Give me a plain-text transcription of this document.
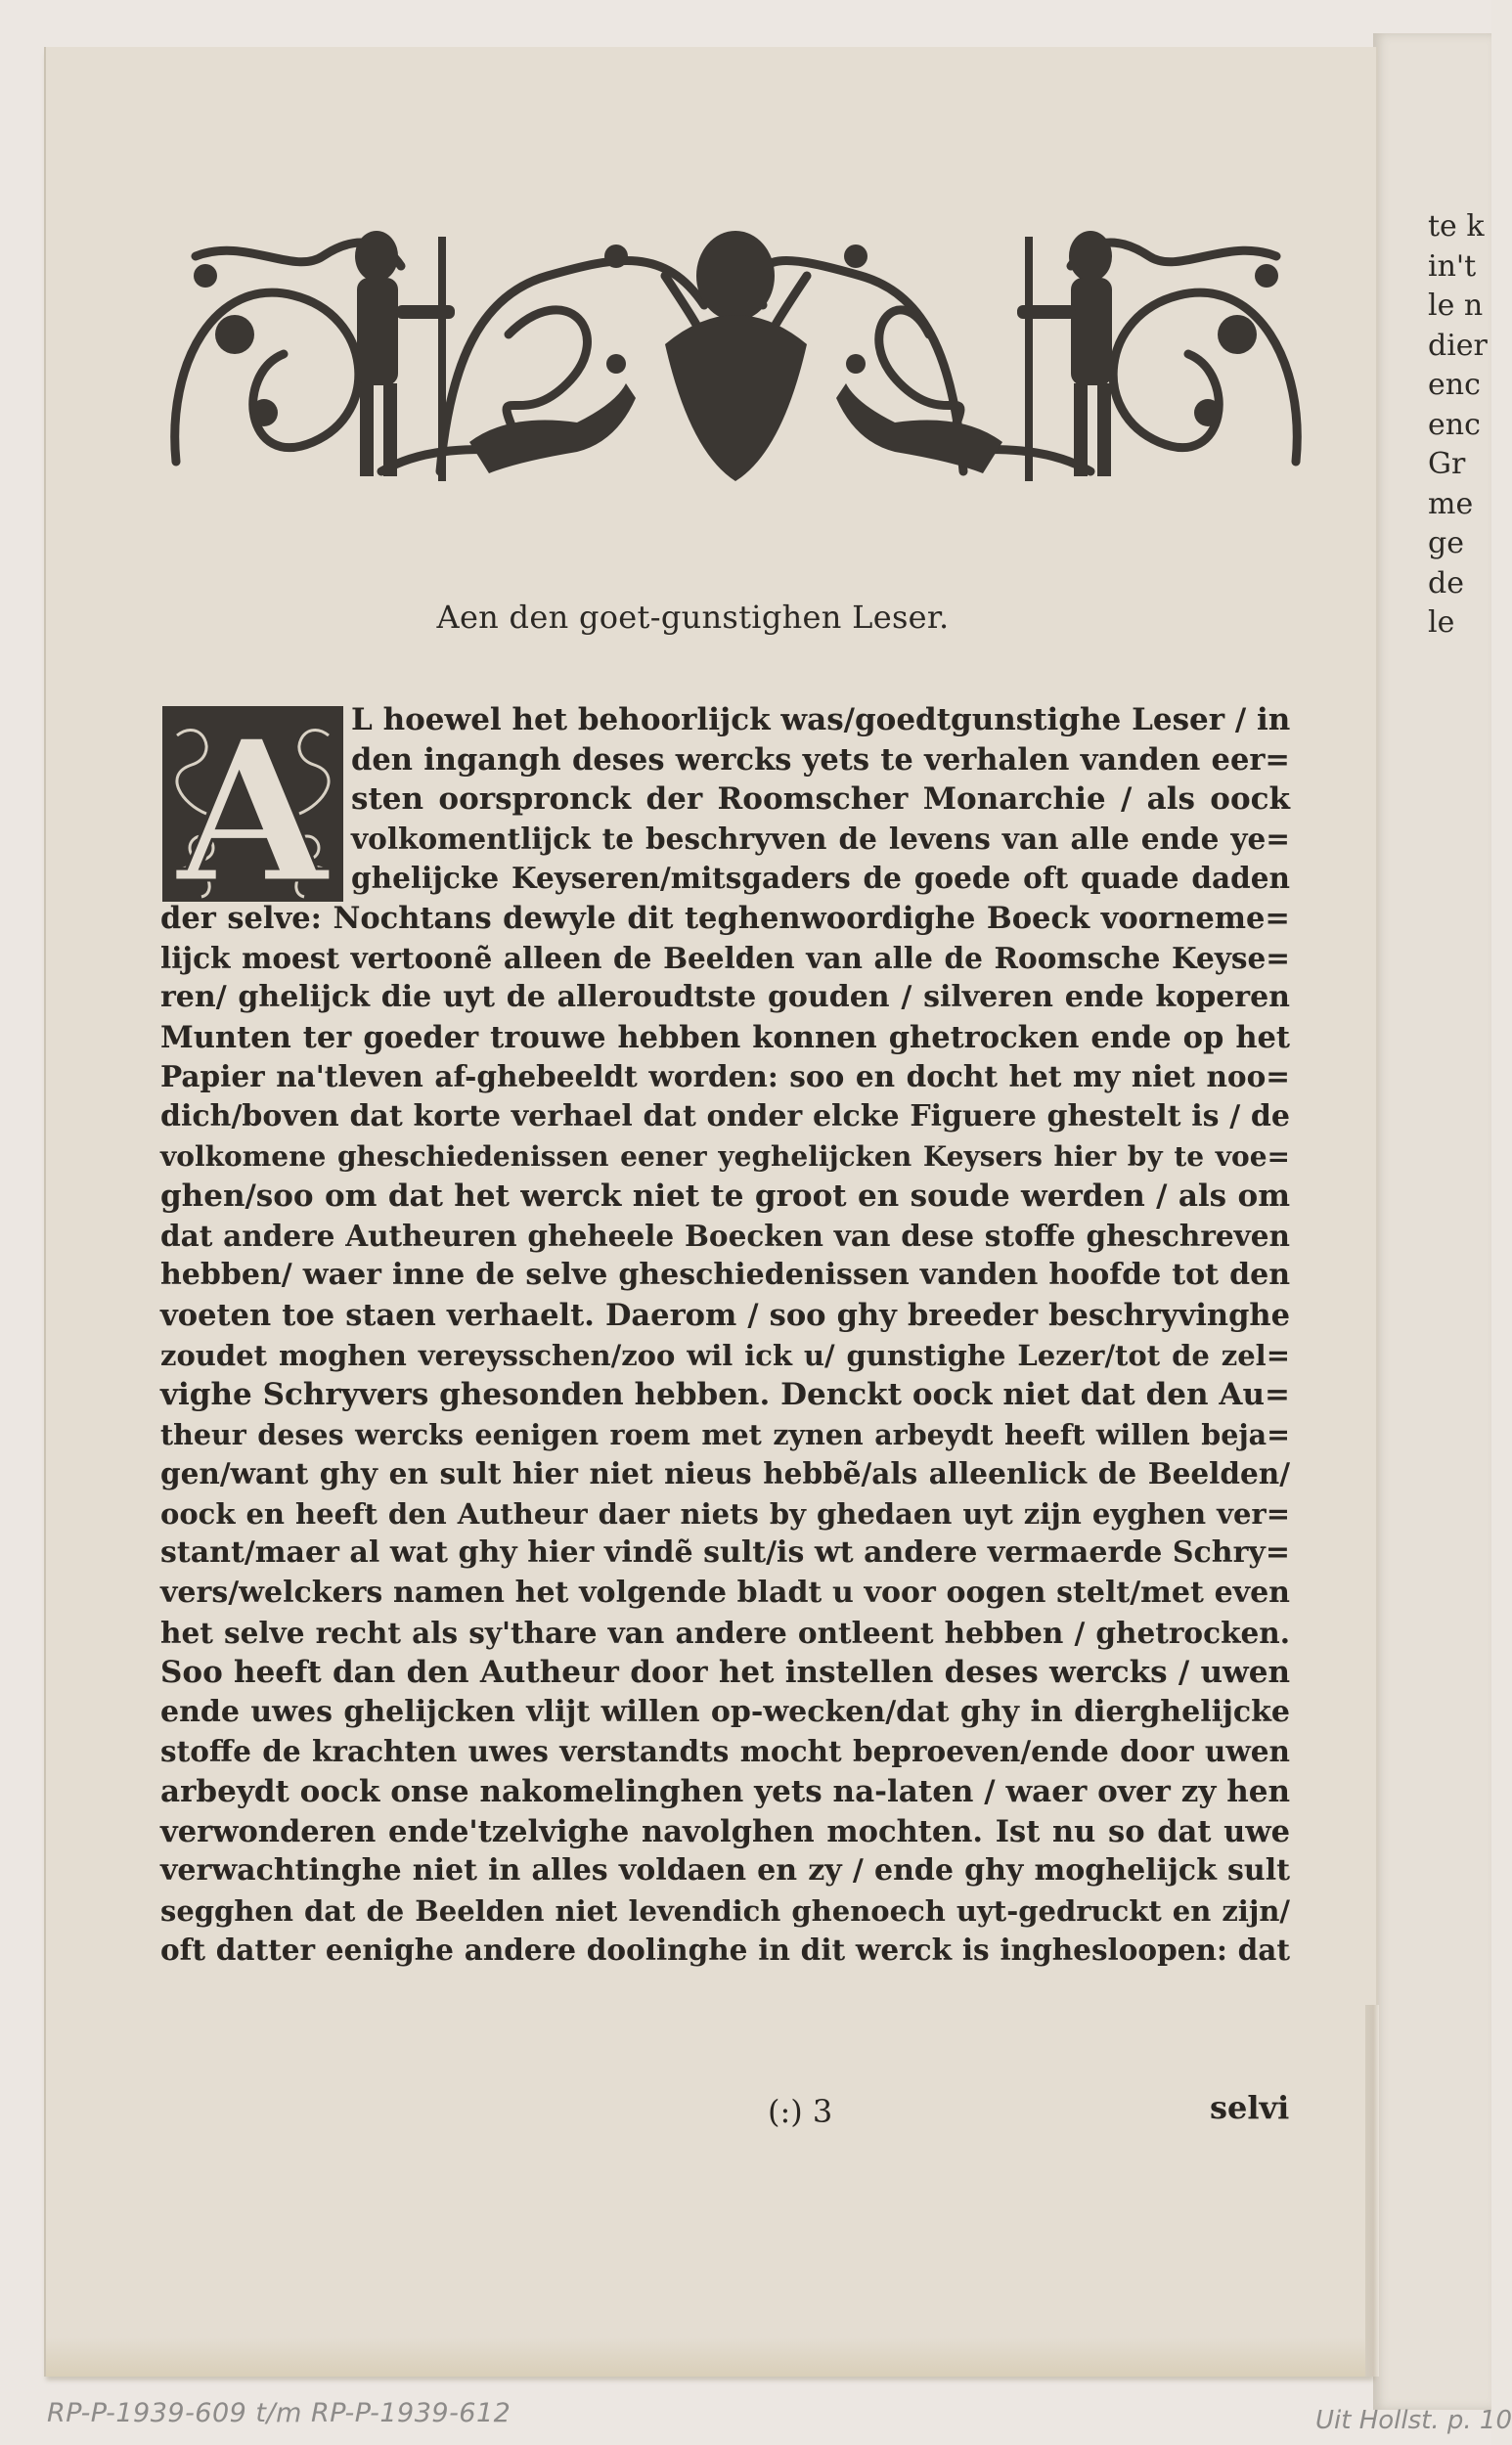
te k
in't
le n
dier
enc
enc
Gr
me
ge
de
le
Aen den goet-gunstighen Leser.
A L hoewel het behoorlijck was/goedtgunstighe Leser / in
den ingangh deses wercks yets te verhalen vanden eer=
sten oorspronck der Roomscher Monarchie / als oock
volkomentlijck te beschryven de levens van alle ende ye=
ghelijcke Keyseren/mitsgaders de goede oft quade daden
der selve: Nochtans dewyle dit teghenwoordighe Boeck voorneme=
lijck moest vertoonẽ alleen de Beelden van alle de Roomsche Keyse=
ren/ ghelijck die uyt de alleroudtste gouden / silveren ende koperen
Munten ter goeder trouwe hebben konnen ghetrocken ende op het
Papier na'tleven af-ghebeeldt worden: soo en docht het my niet noo=
dich/boven dat korte verhael dat onder elcke Figuere ghestelt is / de
volkomene gheschiedenissen eener yeghelijcken Keysers hier by te voe=
ghen/soo om dat het werck niet te groot en soude werden / als om
dat andere Autheuren gheheele Boecken van dese stoffe gheschreven
hebben/ waer inne de selve gheschiedenissen vanden hoofde tot den
voeten toe staen verhaelt. Daerom / soo ghy breeder beschryvinghe
zoudet moghen vereysschen/zoo wil ick u/ gunstighe Lezer/tot de zel=
vighe Schryvers ghesonden hebben. Denckt oock niet dat den Au=
theur deses wercks eenigen roem met zynen arbeydt heeft willen beja=
gen/want ghy en sult hier niet nieus hebbẽ/als alleenlick de Beelden/
oock en heeft den Autheur daer niets by ghedaen uyt zijn eyghen ver=
stant/maer al wat ghy hier vindẽ sult/is wt andere vermaerde Schry=
vers/welckers namen het volgende bladt u voor oogen stelt/met even
het selve recht als sy'thare van andere ontleent hebben / ghetrocken.
Soo heeft dan den Autheur door het instellen deses wercks / uwen
ende uwes ghelijcken vlijt willen op-wecken/dat ghy in dierghelijcke
stoffe de krachten uwes verstandts mocht beproeven/ende door uwen
arbeydt oock onse nakomelinghen yets na-laten / waer over zy hen
verwonderen ende'tzelvighe navolghen mochten. Ist nu so dat uwe
verwachtinghe niet in alles voldaen en zy / ende ghy moghelijck sult
segghen dat de Beelden niet levendich ghenoech uyt-gedruckt en zijn/
oft datter eenighe andere doolinghe in dit werck is inghesloopen: dat
(:) 3	selvi
RP-P-1939-609 t/m RP-P-1939-612	Uit Hollst. p. 10
